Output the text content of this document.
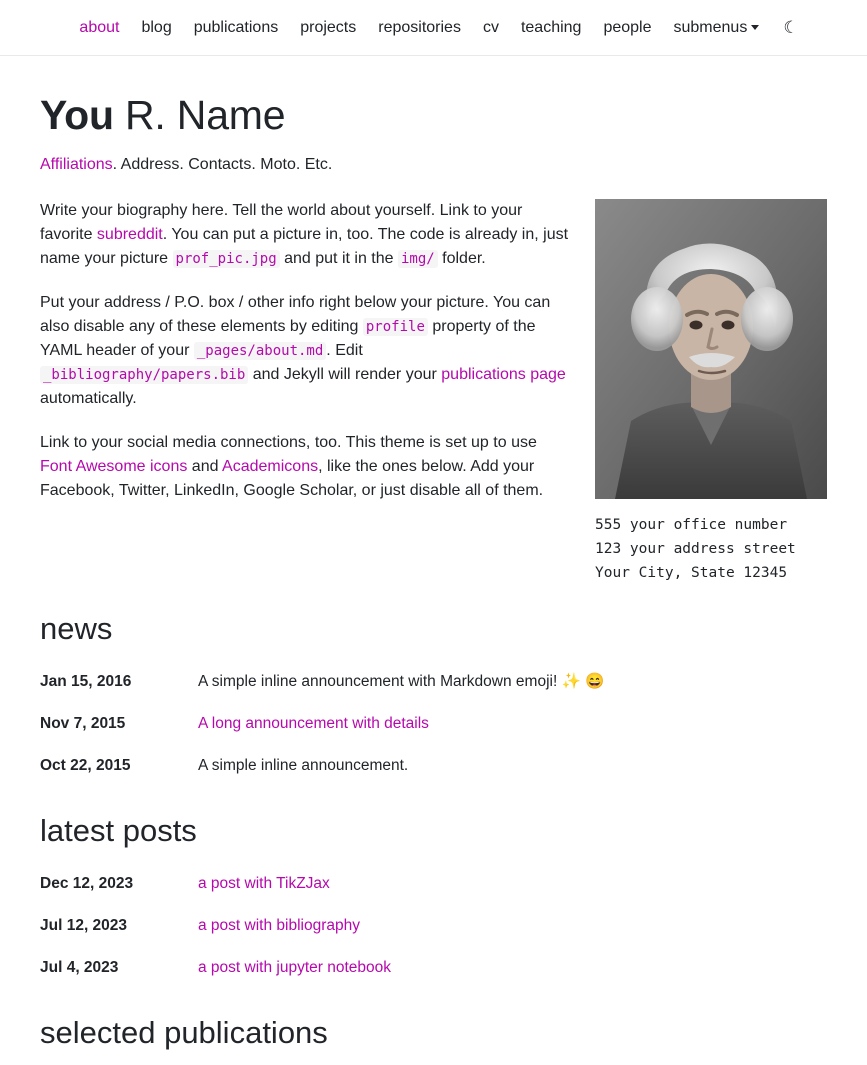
about	blog	publications	projects	repositories	cv	teaching	people	submenus	☾
You R. Name

Affiliations. Address. Contacts. Moto. Etc.

555 your office number
123 your address street
Your City, State 12345

Write your biography here. Tell the world about yourself. Link to your favorite subreddit. You can put a picture in, too. The code is already in, just name your picture prof_pic.jpg and put it in the img/ folder.

Put your address / P.O. box / other info right below your picture. You can also disable any of these elements by editing profile property of the YAML header of your _pages/about.md . Edit _bibliography/papers.bib and Jekyll will render your publications page automatically.

Link to your social media connections, too. This theme is set up to use Font Awesome icons and Academicons, like the ones below. Add your Facebook, Twitter, LinkedIn, Google Scholar, or just disable all of them.

news
Jan 15, 2016	A simple inline announcement with Markdown emoji! ✨ 😄
Nov 7, 2015	A long announcement with details
Oct 22, 2015	A simple inline announcement.
latest posts
Dec 12, 2023	a post with TikZJax
Jul 12, 2023	a post with bibliography
Jul 4, 2023	a post with jupyter notebook
selected publications
